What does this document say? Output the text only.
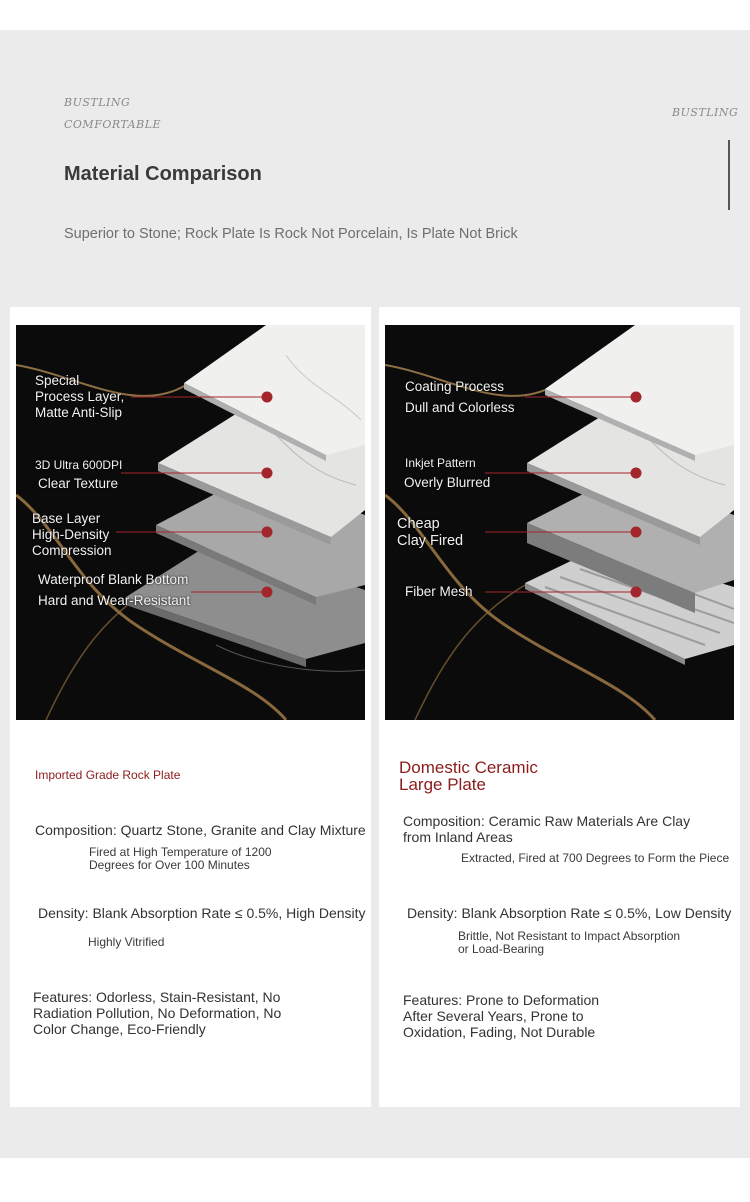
BUSTLING
COMFORTABLE
BUSTLING
Material Comparison
Superior to Stone; Rock Plate Is Rock Not Porcelain, Is Plate Not Brick
Special
Process Layer,
Matte Anti-Slip
3D Ultra 600DPI
Clear Texture
Base Layer
High-Density
Compression
Waterproof Blank Bottom
Hard and Wear-Resistant
Imported Grade Rock Plate
Composition: Quartz Stone, Granite and Clay Mixture
Fired at High Temperature of 1200
Degrees for Over 100 Minutes
Density: Blank Absorption Rate ≤ 0.5%, High Density
Highly Vitrified
Features: Odorless, Stain-Resistant, No
Radiation Pollution, No Deformation, No
Color Change, Eco-Friendly
Coating Process
Dull and Colorless
Inkjet Pattern
Overly Blurred
Cheap
Clay Fired
Fiber Mesh
Domestic Ceramic
Large Plate
Composition: Ceramic Raw Materials Are Clay
from Inland Areas
Extracted, Fired at 700 Degrees to Form the Piece
Density: Blank Absorption Rate ≤ 0.5%, Low Density
Brittle, Not Resistant to Impact Absorption
or Load-Bearing
Features: Prone to Deformation
After Several Years, Prone to
Oxidation, Fading, Not Durable
